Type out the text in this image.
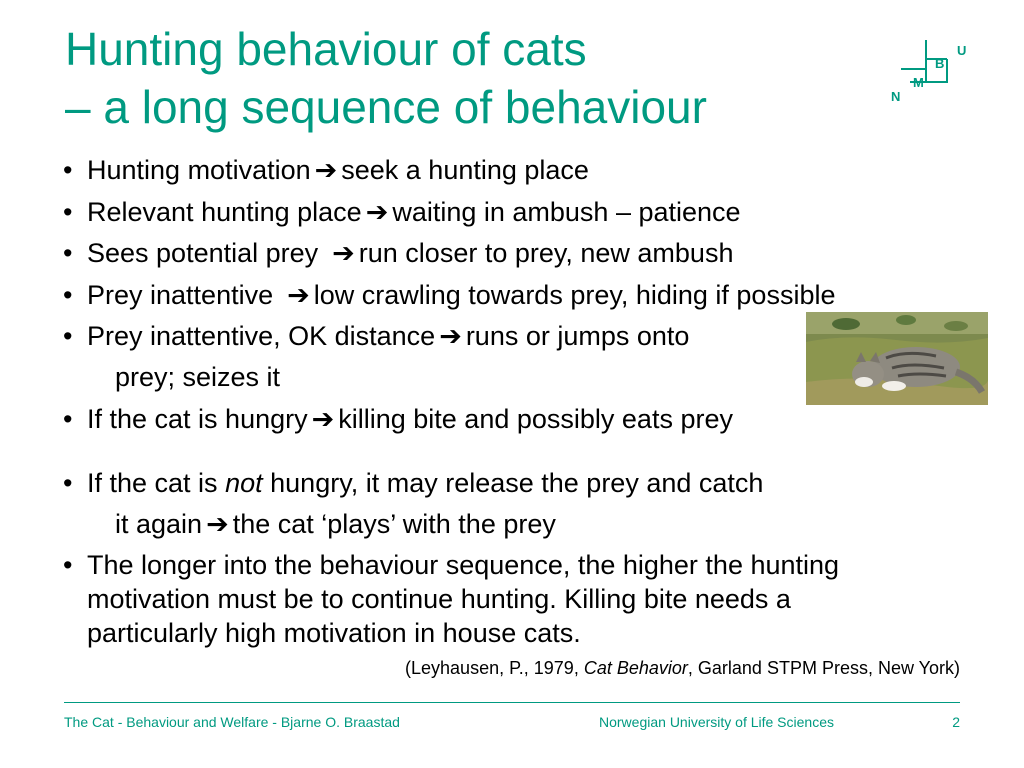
Hunting behaviour of cats
– a long sequence of behaviour
U
B
M
N
• Hunting motivation ➔ seek a hunting place
• Relevant hunting place ➔ waiting in ambush – patience
• Sees potential prey ➔ run closer to prey, new ambush
• Prey inattentive ➔ low crawling towards prey, hiding if possible
• Prey inattentive, OK distance ➔ runs or jumps onto
prey; seizes it
• If the cat is hungry ➔ killing bite and possibly eats prey
• If the cat is not hungry, it may release the prey and catch
it again ➔ the cat ‘plays’ with the prey
• The longer into the behaviour sequence, the higher the hunting
motivation must be to continue hunting. Killing bite needs a
particularly high motivation in house cats.
(Leyhausen, P., 1979, Cat Behavior, Garland STPM Press, New York)
The Cat - Behaviour and Welfare - Bjarne O. Braastad	Norwegian University of Life Sciences	2
